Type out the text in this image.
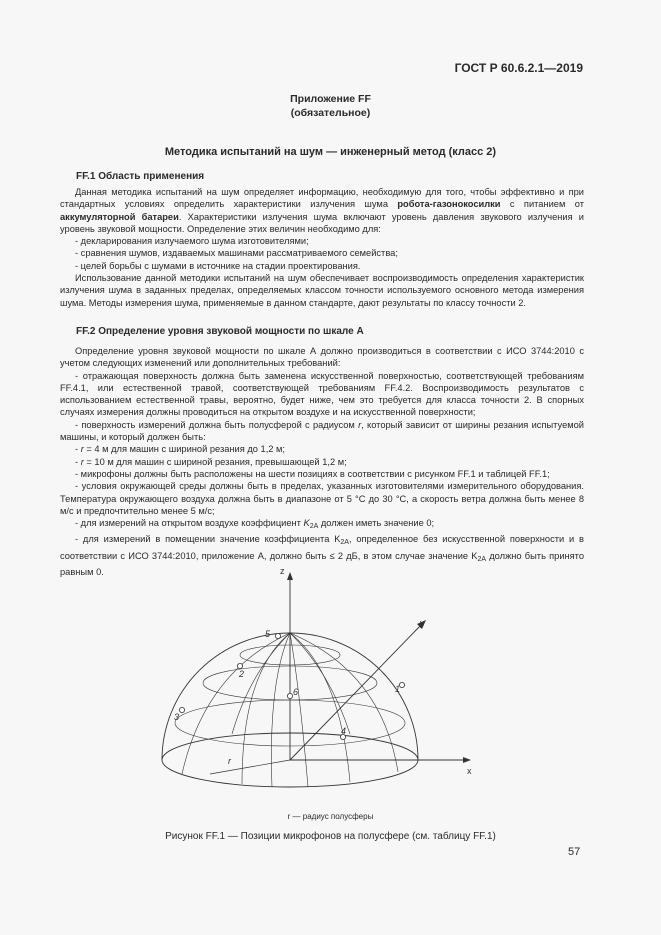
ГОСТ Р 60.6.2.1—2019
Приложение FF
(обязательное)
Методика испытаний на шум — инженерный метод (класс 2)
FF.1 Область применения

Данная методика испытаний на шум определяет информацию, необходимую для того, чтобы эффективно и при стандартных условиях определить характеристики излучения шума робота-газонокосилки с питанием от аккумуляторной батареи. Характеристики излучения шума включают уровень давления звукового излучения и уровень звуковой мощности. Определение этих величин необходимо для:

- декларирования излучаемого шума изготовителями;

- сравнения шумов, издаваемых машинами рассматриваемого семейства;

- целей борьбы с шумами в источнике на стадии проектирования.

Использование данной методики испытаний на шум обеспечивает воспроизводимость определения характеристик излучения шума в заданных пределах, определяемых классом точности используемого основного метода измерения шума. Методы измерения шума, применяемые в данном стандарте, дают результаты по классу точности 2.

FF.2 Определение уровня звуковой мощности по шкале А

Определение уровня звуковой мощности по шкале А должно производиться в соответствии с ИСО 3744:2010 с учетом следующих изменений или дополнительных требований:

- отражающая поверхность должна быть заменена искусственной поверхностью, соответствующей требованиям FF.4.1, или естественной травой, соответствующей требованиям FF.4.2. Воспроизводимость результатов с использованием естественной травы, вероятно, будет ниже, чем это требуется для класса точности 2. В спорных случаях измерения должны проводиться на открытом воздухе и на искусственной поверхности;

- поверхность измерений должна быть полусферой с радиусом r, который зависит от ширины резания испытуемой машины, и который должен быть:

- r = 4 м для машин с шириной резания до 1,2 м;

- r = 10 м для машин с шириной резания, превышающей 1,2 м;

- микрофоны должны быть расположены на шести позициях в соответствии с рисунком FF.1 и таблицей FF.1;

- условия окружающей среды должны быть в пределах, указанных изготовителями измерительного оборудования. Температура окружающего воздуха должна быть в диапазоне от 5 °С до 30 °С, а скорость ветра должна быть менее 8 м/с и предпочтительно менее 5 м/с;

- для измерений на открытом воздухе коэффициент $K_{2A}$ должен иметь значение 0;

- для измерений в помещении значение коэффициента $K_{2A}$, определенное без искусственной поверхности и в соответствии с ИСО 3744:2010, приложение А, должно быть ≤ 2 дБ, в этом случае значение $K_{2A}$ должно быть принято равным 0.	z
y
x
r
1
2
3
4
5
6
r — радиус полусферы
Рисунок FF.1 — Позиции микрофонов на полусфере (см. таблицу FF.1)
57
